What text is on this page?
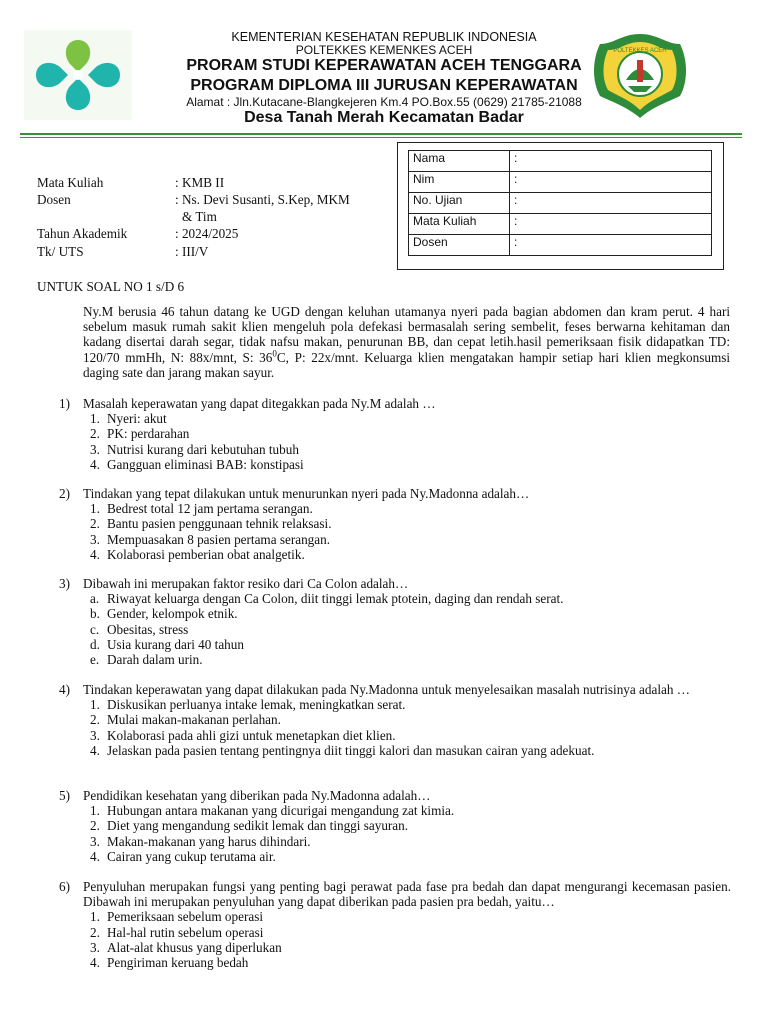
POLTEKKES ACEH
KEMENTERIAN KESEHATAN REPUBLIK INDONESIA
POLTEKKES KEMENKES ACEH
PRORAM STUDI KEPERAWATAN ACEH TENGGARA
PROGRAM DIPLOMA III JURUSAN KEPERAWATAN
Alamat : Jln.Kutacane-Blangkejeren Km.4 PO.Box.55 (0629) 21785-21088
Desa Tanah Merah Kecamatan Badar
Mata Kuliah	: KMB II
Dosen	: Ns. Devi Susanti, S.Kep, MKM
& Tim
Tahun Akademik	: 2024/2025
Tk/ UTS	: III/V
Nama	:
Nim	:
No. Ujian	:
Mata Kuliah	:
Dosen	:
UNTUK SOAL NO 1 s/D 6
Ny.M berusia 46 tahun datang ke UGD dengan keluhan utamanya nyeri pada bagian abdomen dan kram perut. 4 hari sebelum masuk rumah sakit klien mengeluh pola defekasi bermasalah sering sembelit, feses berwarna kehitaman dan kadang disertai darah segar, tidak nafsu makan, penurunan BB, dan cepat letih.hasil pemeriksaan fisik didapatkan TD: 120/70 mmHh, N: 88x/mnt, S: $36^0C$, P: 22x/mnt. Keluarga klien mengatakan hampir setiap hari klien megkonsumsi daging sate dan jarang makan sayur.
1) Masalah keperawatan yang dapat ditegakkan pada Ny.M adalah …
1. Nyeri: akut
2. PK: perdarahan
3. Nutrisi kurang dari kebutuhan tubuh
4. Gangguan eliminasi BAB: konstipasi
2) Tindakan yang tepat dilakukan untuk menurunkan nyeri pada Ny.Madonna adalah…
1. Bedrest total 12 jam pertama serangan.
2. Bantu pasien penggunaan tehnik relaksasi.
3. Mempuasakan 8 pasien pertama serangan.
4. Kolaborasi pemberian obat analgetik.
3) Dibawah ini merupakan faktor resiko dari Ca Colon adalah…
a. Riwayat keluarga dengan Ca Colon, diit tinggi lemak ptotein, daging dan rendah serat.
b. Gender, kelompok etnik.
c. Obesitas, stress
d. Usia kurang dari 40 tahun
e. Darah dalam urin.
4) Tindakan keperawatan yang dapat dilakukan pada Ny.Madonna untuk menyelesaikan masalah nutrisinya adalah …
1. Diskusikan perluanya intake lemak, meningkatkan serat.
2. Mulai makan-makanan perlahan.
3. Kolaborasi pada ahli gizi untuk menetapkan diet klien.
4. Jelaskan pada pasien tentang pentingnya diit tinggi kalori dan masukan cairan yang adekuat.
5) Pendidikan kesehatan yang diberikan pada Ny.Madonna adalah…
1. Hubungan antara makanan yang dicurigai mengandung zat kimia.
2. Diet yang mengandung sedikit lemak dan tinggi sayuran.
3. Makan-makanan yang harus dihindari.
4. Cairan yang cukup terutama air.
6) Penyuluhan merupakan fungsi yang penting bagi perawat pada fase pra bedah dan dapat mengurangi kecemasan pasien. Dibawah ini merupakan penyuluhan yang dapat diberikan pada pasien pra bedah, yaitu…
1. Pemeriksaan sebelum operasi
2. Hal-hal rutin sebelum operasi
3. Alat-alat khusus yang diperlukan
4. Pengiriman keruang bedah
